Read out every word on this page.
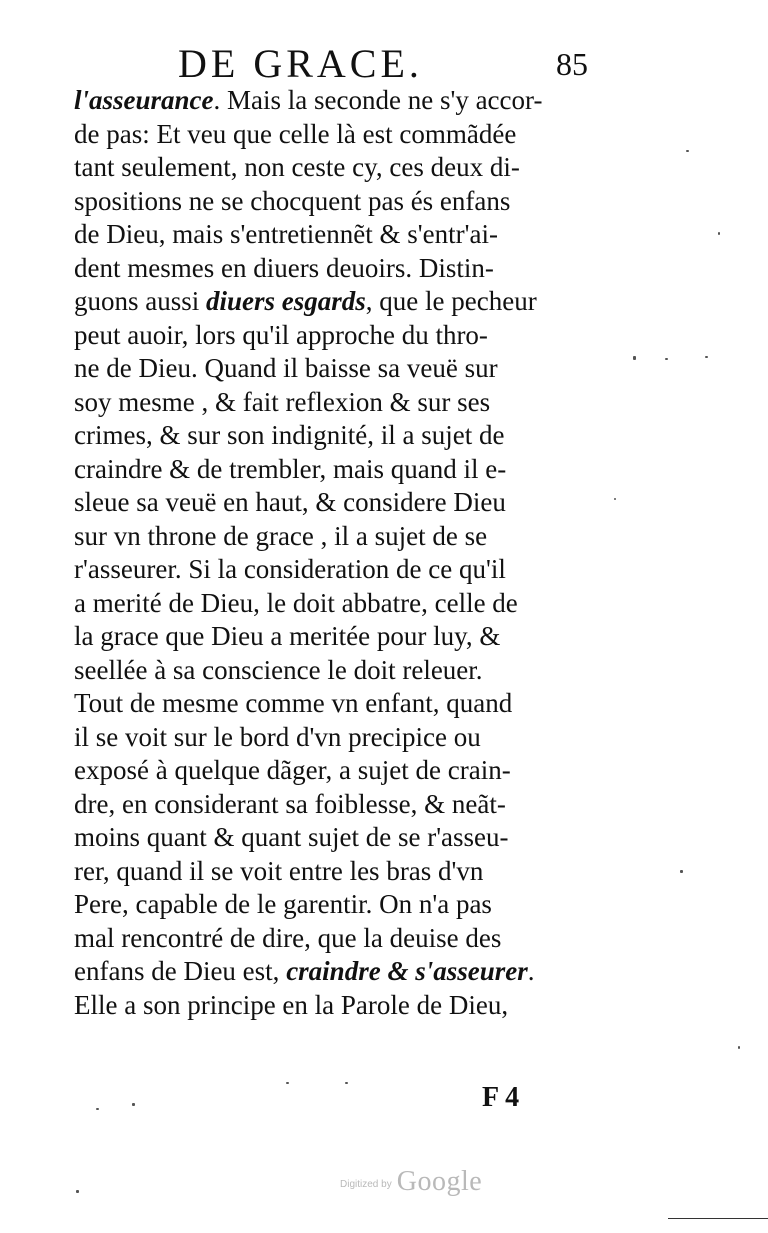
DE GRACE.	85
l'asseurance. Mais la seconde ne s'y accor-
de pas: Et veu que celle là est commãdée
tant seulement, non ceste cy, ces deux di-
spositions ne se chocquent pas és enfans
de Dieu, mais s'entretiennẽt & s'entr'ai-
dent mesmes en diuers deuoirs. Distin-
guons aussi diuers esgards, que le pecheur
peut auoir, lors qu'il approche du thro-
ne de Dieu. Quand il baisse sa veuë sur
soy mesme , & fait reflexion & sur ses
crimes, & sur son indignité, il a sujet de
craindre & de trembler, mais quand il e-
sleue sa veuë en haut, & considere Dieu
sur vn throne de grace , il a sujet de se
r'asseurer. Si la consideration de ce qu'il
a merité de Dieu, le doit abbatre, celle de
la grace que Dieu a meritée pour luy, &
seellée à sa conscience le doit releuer.
Tout de mesme comme vn enfant, quand
il se voit sur le bord d'vn precipice ou
exposé à quelque dãger, a sujet de crain-
dre, en considerant sa foiblesse, & neãt-
moins quant & quant sujet de se r'asseu-
rer, quand il se voit entre les bras d'vn
Pere, capable de le garentir. On n'a pas
mal rencontré de dire, que la deuise des
enfans de Dieu est, craindre & s'asseurer.
Elle a son principe en la Parole de Dieu,
F 4
Digitized by Google
